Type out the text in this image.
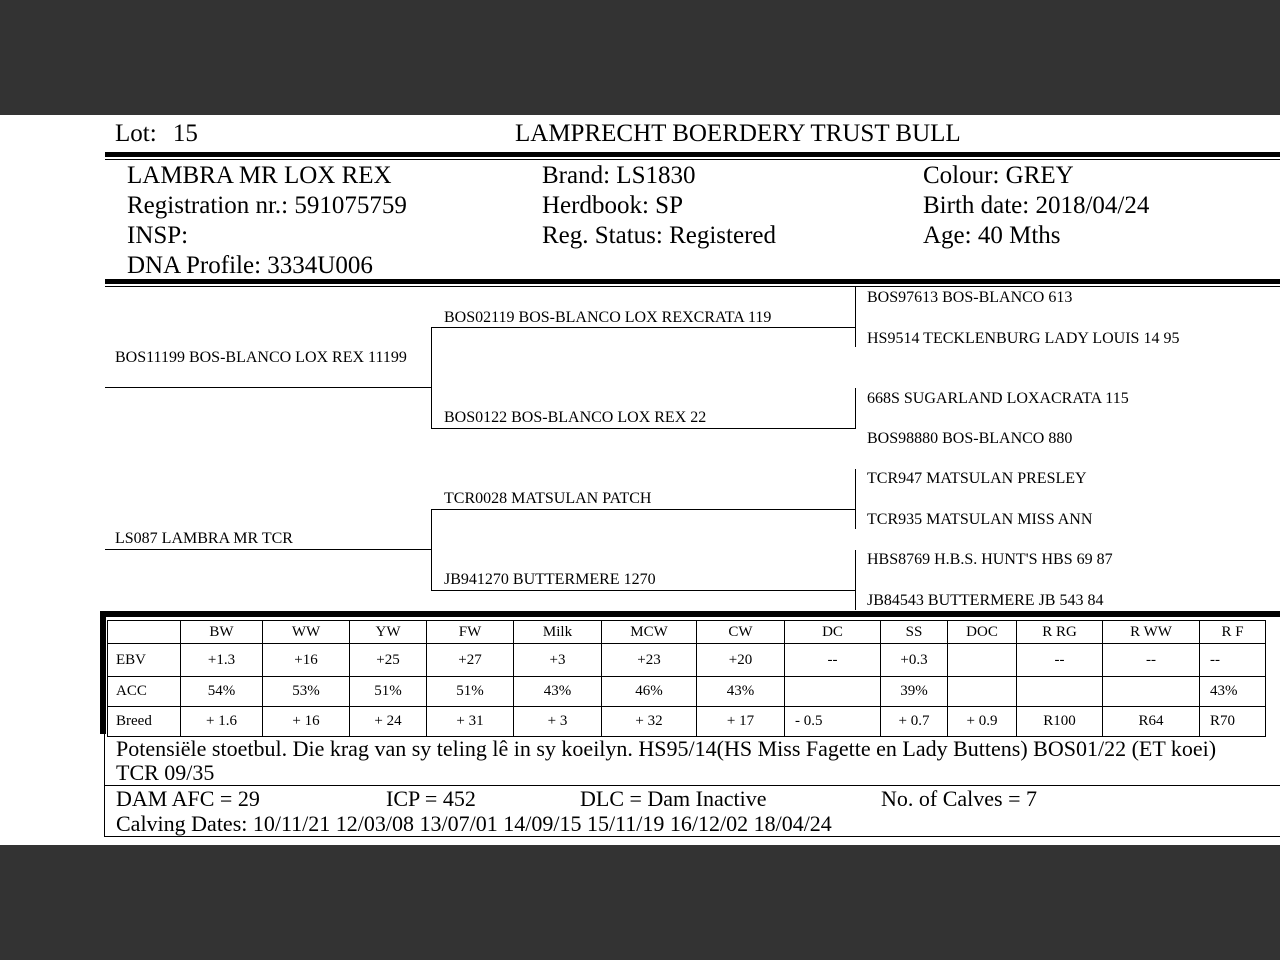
Lot: 15	LAMPRECHT BOERDERY TRUST BULL
LAMBRA MR LOX REX
Registration nr.: 591075759
INSP:
DNA Profile: 3334U006
Brand: LS1830
Herdbook: SP
Reg. Status: Registered
Colour: GREY
Birth date: 2018/04/24
Age: 40 Mths
BOS11199 BOS-BLANCO LOX REX 11199
BOS02119 BOS-BLANCO LOX REXCRATA 119
BOS0122 BOS-BLANCO LOX REX 22
LS087 LAMBRA MR TCR
TCR0028 MATSULAN PATCH
JB941270 BUTTERMERE 1270
BOS97613 BOS-BLANCO 613
HS9514 TECKLENBURG LADY LOUIS 14 95
668S SUGARLAND LOXACRATA 115
BOS98880 BOS-BLANCO 880
TCR947 MATSULAN PRESLEY
TCR935 MATSULAN MISS ANN
HBS8769 H.B.S. HUNT'S HBS 69 87
JB84543 BUTTERMERE JB 543 84
	BW	WW	YW	FW	Milk	MCW	CW	DC	SS	DOC	R RG	R WW	R F
EBV	+1.3	+16	+25	+27	+3	+23	+20	--	+0.3		--	--	--
ACC	54%	53%	51%	51%	43%	46%	43%		39%				43%
Breed	+ 1.6	+ 16	+ 24	+ 31	+ 3	+ 32	+ 17	- 0.5	+ 0.7	+ 0.9	R100	R64	R70
Potensiële stoetbul. Die krag van sy teling lê in sy koeilyn. HS95/14(HS Miss Fagette en Lady Buttens) BOS01/22 (ET koei)
TCR 09/35
DAM AFC = 29	ICP = 452	DLC = Dam Inactive	No. of Calves = 7
Calving Dates: 10/11/21 12/03/08 13/07/01 14/09/15 15/11/19 16/12/02 18/04/24
